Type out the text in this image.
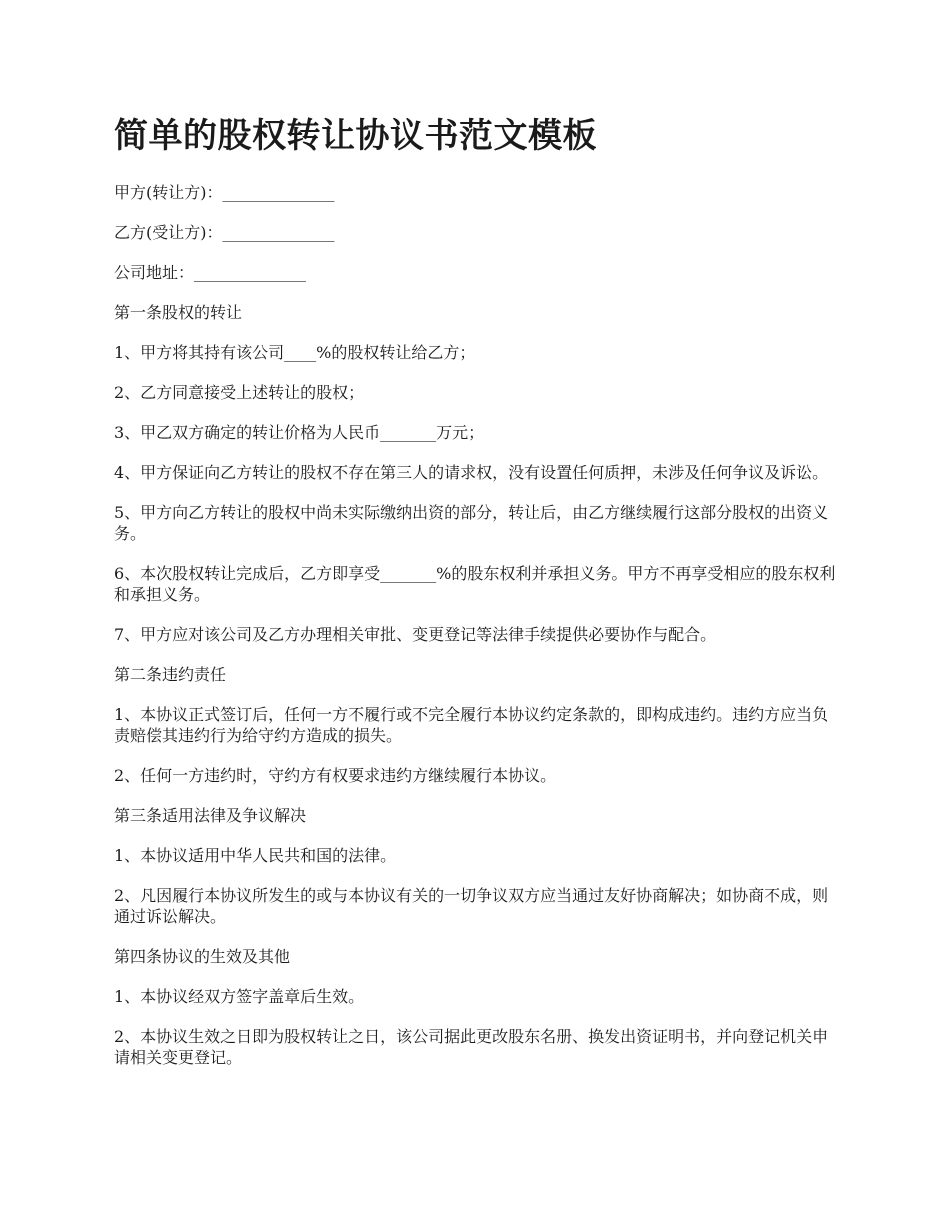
简单的股权转让协议书范文模板

甲方(转让方)：______________

乙方(受让方)：______________

公司地址：______________

第一条股权的转让

1、甲方将其持有该公司____%的股权转让给乙方；

2、乙方同意接受上述转让的股权；

3、甲乙双方确定的转让价格为人民币_______万元；

4、甲方保证向乙方转让的股权不存在第三人的请求权，没有设置任何质押，未涉及任何争议及诉讼。

5、甲方向乙方转让的股权中尚未实际缴纳出资的部分，转让后，由乙方继续履行这部分股权的出资义务。

6、本次股权转让完成后，乙方即享受_______%的股东权利并承担义务。甲方不再享受相应的股东权利和承担义务。

7、甲方应对该公司及乙方办理相关审批、变更登记等法律手续提供必要协作与配合。

第二条违约责任

1、本协议正式签订后，任何一方不履行或不完全履行本协议约定条款的，即构成违约。违约方应当负责赔偿其违约行为给守约方造成的损失。

2、任何一方违约时，守约方有权要求违约方继续履行本协议。

第三条适用法律及争议解决

1、本协议适用中华人民共和国的法律。

2、凡因履行本协议所发生的或与本协议有关的一切争议双方应当通过友好协商解决；如协商不成，则通过诉讼解决。

第四条协议的生效及其他

1、本协议经双方签字盖章后生效。

2、本协议生效之日即为股权转让之日，该公司据此更改股东名册、换发出资证明书，并向登记机关申请相关变更登记。
